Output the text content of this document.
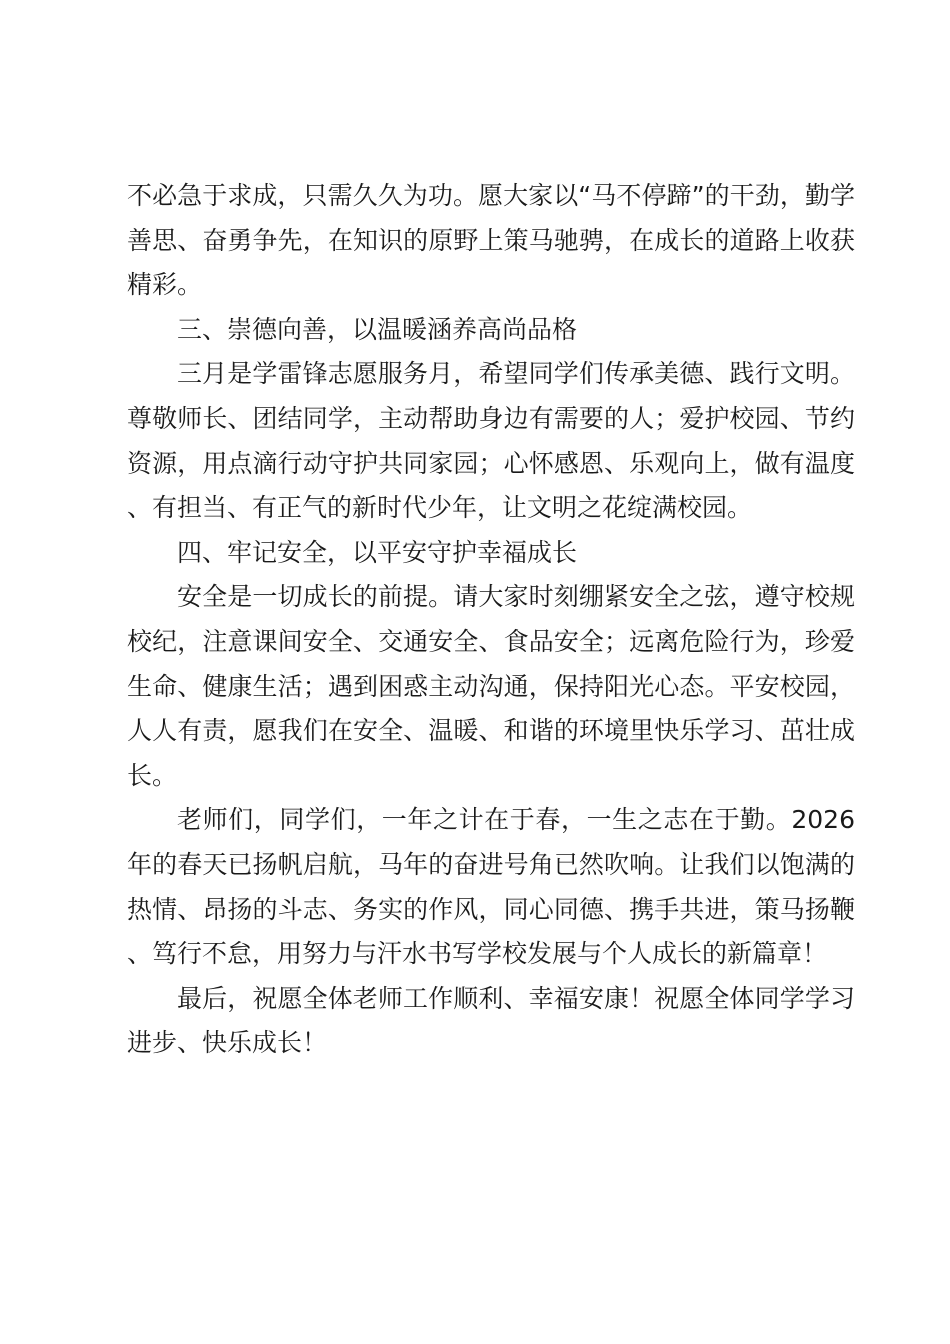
不必急于求成，只需久久为功。愿大家以“马不停蹄”的干劲，勤学善思、奋勇争先，在知识的原野上策马驰骋，在成长的道路上收获精彩。

三、崇德向善，以温暖涵养高尚品格

三月是学雷锋志愿服务月，希望同学们传承美德、践行文明。尊敬师长、团结同学，主动帮助身边有需要的人；爱护校园、节约资源，用点滴行动守护共同家园；心怀感恩、乐观向上，做有温度、有担当、有正气的新时代少年，让文明之花绽满校园。

四、牢记安全，以平安守护幸福成长

安全是一切成长的前提。请大家时刻绷紧安全之弦，遵守校规校纪，注意课间安全、交通安全、食品安全；远离危险行为，珍爱生命、健康生活；遇到困惑主动沟通，保持阳光心态。平安校园，人人有责，愿我们在安全、温暖、和谐的环境里快乐学习、茁壮成长。

老师们，同学们，一年之计在于春，一生之志在于勤。2026 年的春天已扬帆启航，马年的奋进号角已然吹响。让我们以饱满的热情、昂扬的斗志、务实的作风，同心同德、携手共进，策马扬鞭、笃行不怠，用努力与汗水书写学校发展与个人成长的新篇章！

最后，祝愿全体老师工作顺利、幸福安康！祝愿全体同学学习进步、快乐成长！
